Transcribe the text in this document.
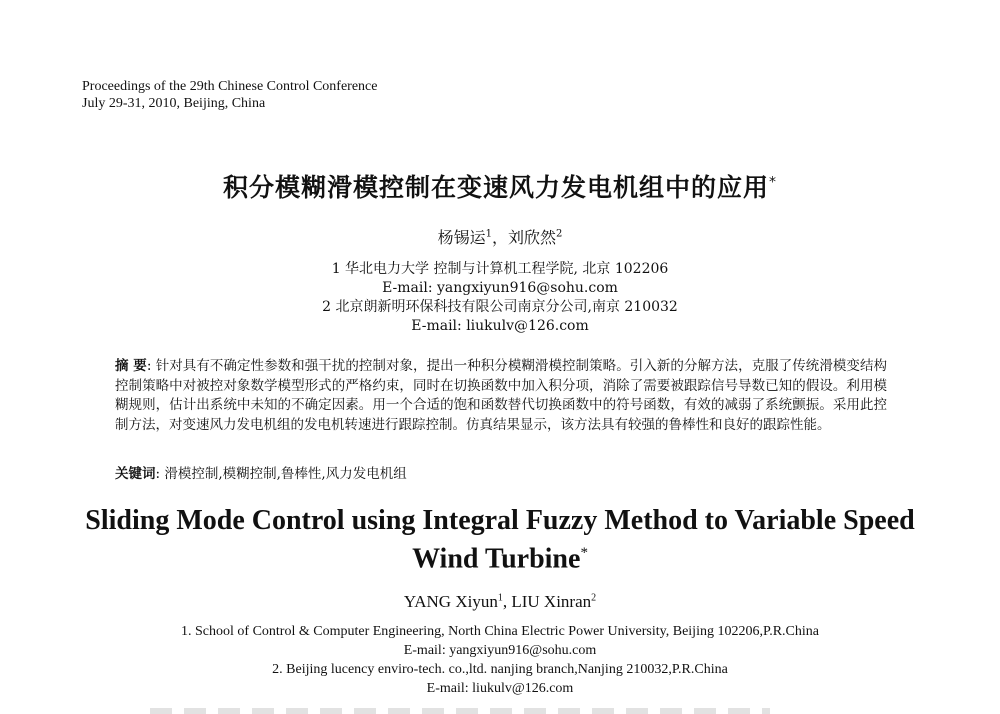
Proceedings of the 29th Chinese Control Conference
July 29-31, 2010, Beijing, China
积分模糊滑模控制在变速风力发电机组中的应用*
杨锡运$^1$，刘欣然$^2$
1 华北电力大学 控制与计算机工程学院, 北京 102206
E-mail: yangxiyun916@sohu.com
2 北京朗新明环保科技有限公司南京分公司,南京 210032
E-mail: liukulv@126.com
摘 要: 针对具有不确定性参数和强干扰的控制对象，提出一种积分模糊滑模控制策略。引入新的分解方法，克服了传统滑模变结构控制策略中对被控对象数学模型形式的严格约束，同时在切换函数中加入积分项，消除了需要被跟踪信号导数已知的假设。利用模糊规则，估计出系统中未知的不确定因素。用一个合适的饱和函数替代切换函数中的符号函数，有效的减弱了系统颤振。采用此控制方法，对变速风力发电机组的发电机转速进行跟踪控制。仿真结果显示，该方法具有较强的鲁棒性和良好的跟踪性能。
关键词: 滑模控制,模糊控制,鲁棒性,风力发电机组
Sliding Mode Control using Integral Fuzzy Method to Variable Speed
Wind Turbine*
YANG Xiyun$^1$, LIU Xinran$^2$
1. School of Control & Computer Engineering, North China Electric Power University, Beijing 102206,P.R.China
E-mail: yangxiyun916@sohu.com
2. Beijing lucency enviro-tech. co.,ltd. nanjing branch,Nanjing 210032,P.R.China
E-mail: liukulv@126.com
